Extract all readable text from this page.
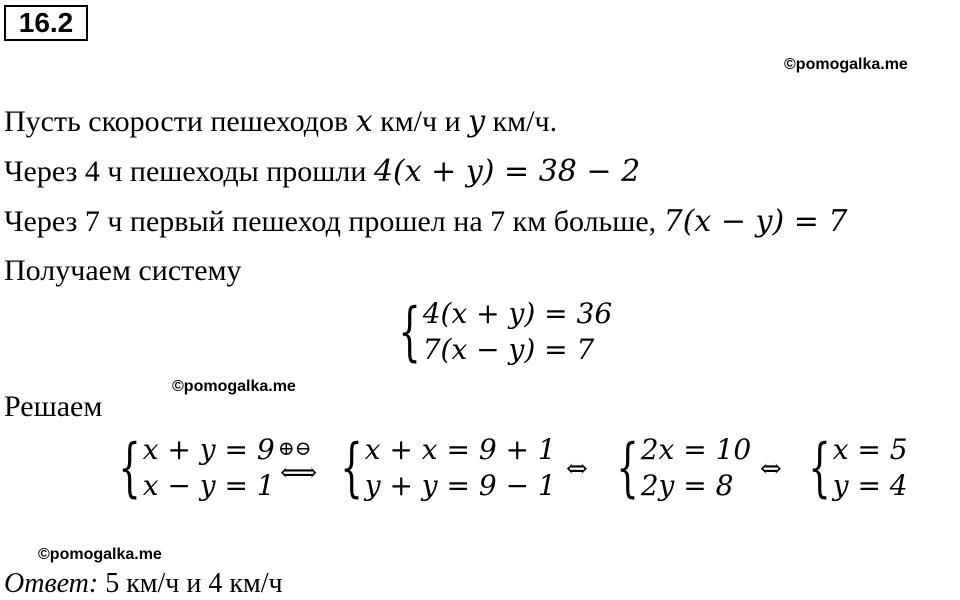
16.2
©pomogalka.me
Пусть скорости пешеходов x км/ч и y км/ч.
Через 4 ч пешеходы прошли 4(x + y) = 38 − 2
Через 7 ч первый пешеход прошел на 7 км больше, 7(x − y) = 7
Получаем систему
{ 4(x + y) = 36
7(x − y) = 7
©pomogalka.me
Решаем
{ x + y = 9
x − y = 1
⊕⊖
⟺ { x + x = 9 + 1
y + y = 9 − 1 ⇔ { 2x = 10
2y = 8	⇔ { x = 5
y = 4
©pomogalka.me
Ответ: 5 км/ч и 4 км/ч
